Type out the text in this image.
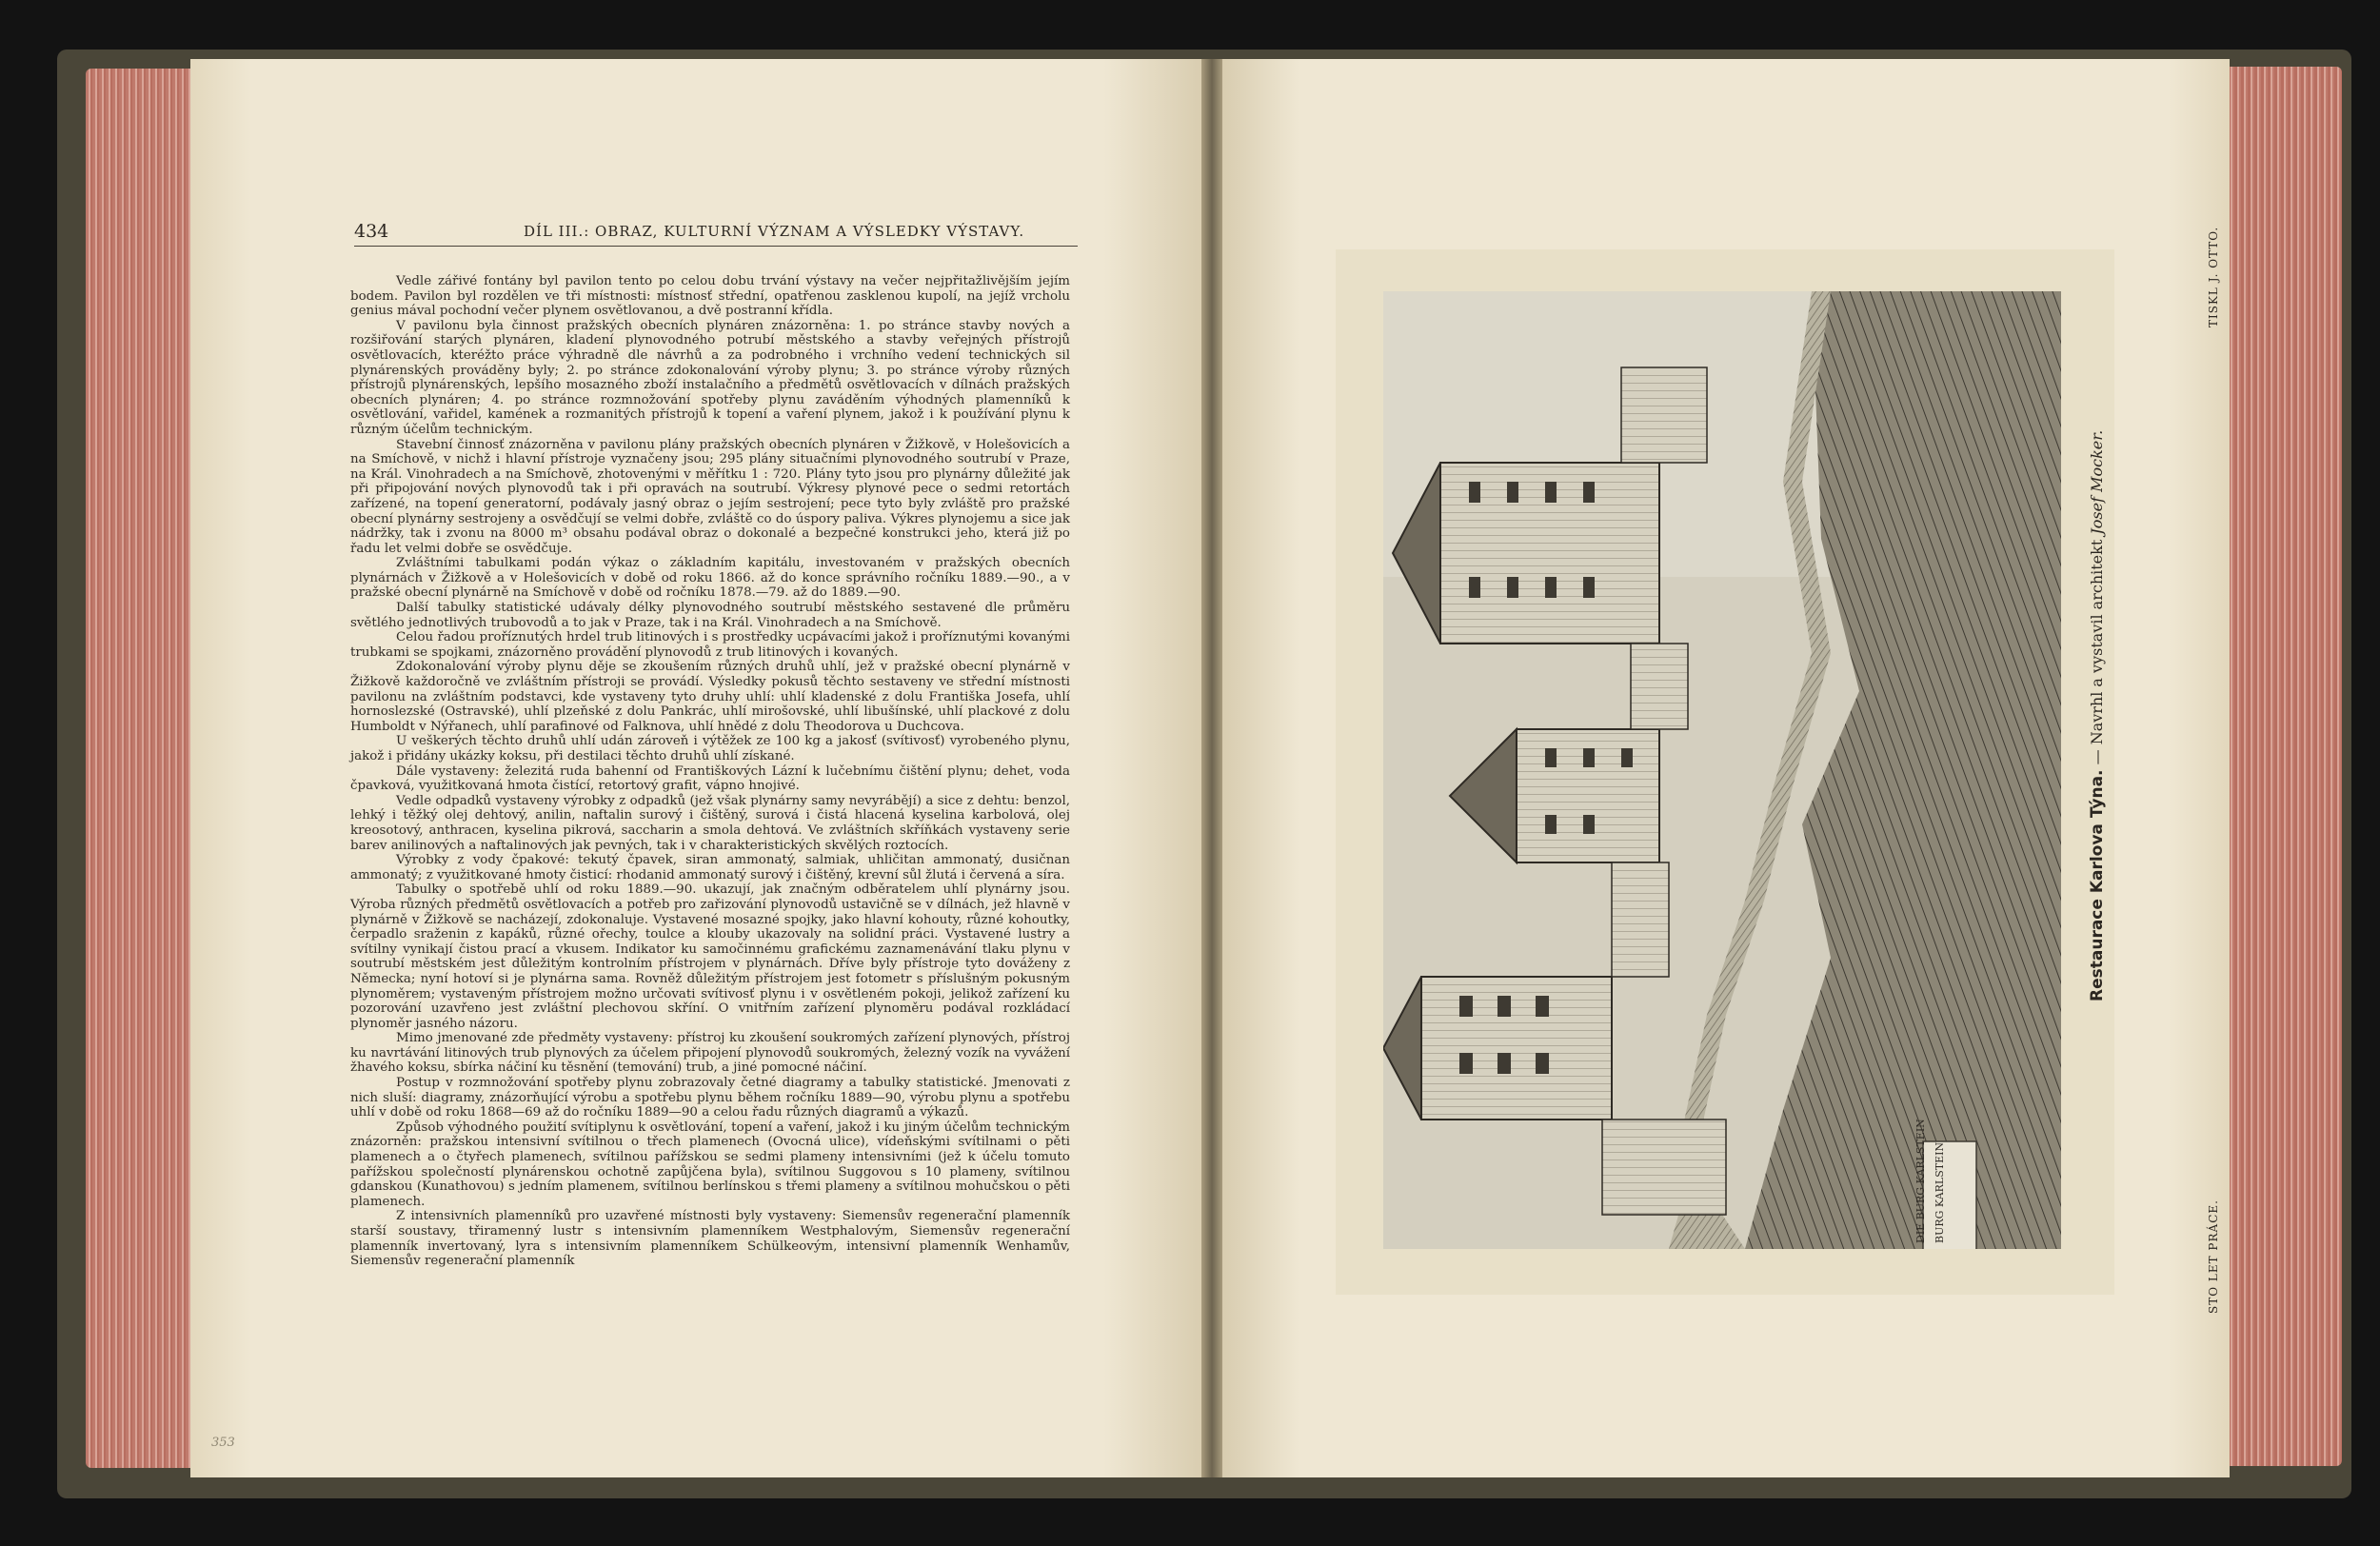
434	DÍL III.: OBRAZ, KULTURNÍ VÝZNAM A VÝSLEDKY VÝSTAVY.

Vedle zářivé fontány byl pavilon tento po celou dobu trvání výstavy na večer nejpřitažlivějším jejím bodem. Pavilon byl rozdělen ve tři místnosti: místnosť střední, opatřenou zasklenou kupolí, na jejíž vrcholu genius mával pochodní večer plynem osvětlovanou, a dvě postranní křídla.

V pavilonu byla činnost pražských obecních plynáren znázorněna: 1. po stránce stavby nových a rozšiřování starých plynáren, kladení plynovodného potrubí městského a stavby veřejných přístrojů osvětlovacích, kteréžto práce výhradně dle návrhů a za podrobného i vrchního vedení technických sil plynárenských prováděny byly; 2. po stránce zdokonalování výroby plynu; 3. po stránce výroby různých přístrojů plynárenských, lepšího mosazného zboží instalačního a předmětů osvětlovacích v dílnách pražských obecních plynáren; 4. po stránce rozmnožování spotřeby plynu zaváděním výhodných plamenníků k osvětlování, vařidel, kamének a rozmanitých přístrojů k topení a vaření plynem, jakož i k používání plynu k různým účelům technickým.

Stavební činnosť znázorněna v pavilonu plány pražských obecních plynáren v Žižkově, v Holešovicích a na Smíchově, v nichž i hlavní přístroje vyznačeny jsou; 295 plány situačními plynovodného soutrubí v Praze, na Král. Vinohradech a na Smíchově, zhotovenými v měřítku 1 : 720. Plány tyto jsou pro plynárny důležité jak při připojování nových plynovodů tak i při opravách na soutrubí. Výkresy plynové pece o sedmi retortách zařízené, na topení generatorní, podávaly jasný obraz o jejím sestrojení; pece tyto byly zvláště pro pražské obecní plynárny sestrojeny a osvědčují se velmi dobře, zvláště co do úspory paliva. Výkres plynojemu a sice jak nádržky, tak i zvonu na 8000 m³ obsahu podával obraz o dokonalé a bezpečné konstrukci jeho, která již po řadu let velmi dobře se osvědčuje.

Zvláštními tabulkami podán výkaz o základním kapitálu, investovaném v pražských obecních plynárnách v Žižkově a v Holešovicích v době od roku 1866. až do konce správního ročníku 1889.—90., a v pražské obecní plynárně na Smíchově v době od ročníku 1878.—79. až do 1889.—90.

Další tabulky statistické udávaly délky plynovodného soutrubí městského sestavené dle průměru světlého jednotlivých trubovodů a to jak v Praze, tak i na Král. Vinohradech a na Smíchově.

Celou řadou proříznutých hrdel trub litinových i s prostředky ucpávacími jakož i proříznutými kovanými trubkami se spojkami, znázorněno provádění plynovodů z trub litinových i kovaných.

Zdokonalování výroby plynu děje se zkoušením různých druhů uhlí, jež v pražské obecní plynárně v Žižkově každoročně ve zvláštním přístroji se provádí. Výsledky pokusů těchto sestaveny ve střední místnosti pavilonu na zvláštním podstavci, kde vystaveny tyto druhy uhlí: uhlí kladenské z dolu Františka Josefa, uhlí hornoslezské (Ostravské), uhlí plzeňské z dolu Pankrác, uhlí mirošovské, uhlí libušínské, uhlí plackové z dolu Humboldt v Nýřanech, uhlí parafinové od Falknova, uhlí hnědé z dolu Theodorova u Duchcova.

U veškerých těchto druhů uhlí udán zároveň i výtěžek ze 100 kg a jakosť (svítivosť) vyrobeného plynu, jakož i přidány ukázky koksu, při destilaci těchto druhů uhlí získané.

Dále vystaveny: železitá ruda bahenní od Františkových Lázní k lučebnímu čištění plynu; dehet, voda čpavková, využitkovaná hmota čistící, retortový grafit, vápno hnojivé.

Vedle odpadků vystaveny výrobky z odpadků (jež však plynárny samy nevyrábějí) a sice z dehtu: benzol, lehký i těžký olej dehtový, anilin, naftalin surový i čištěný, surová i čistá hlacená kyselina karbolová, olej kreosotový, anthracen, kyselina pikrová, saccharin a smola dehtová. Ve zvláštních skříňkách vystaveny serie barev anilinových a naftalinových jak pevných, tak i v charakteristických skvělých roztocích.

Výrobky z vody čpakové: tekutý čpavek, siran ammonatý, salmiak, uhličitan ammonatý, dusičnan ammonatý; z využitkované hmoty čisticí: rhodanid ammonatý surový i čištěný, krevní sůl žlutá i červená a síra.

Tabulky o spotřebě uhlí od roku 1889.—90. ukazují, jak značným odběratelem uhlí plynárny jsou. Výroba různých předmětů osvětlovacích a potřeb pro zařizování plynovodů ustavičně se v dílnách, jež hlavně v plynárně v Žižkově se nacházejí, zdokonaluje. Vystavené mosazné spojky, jako hlavní kohouty, různé kohoutky, čerpadlo sraženin z kapáků, různé ořechy, toulce a klouby ukazovaly na solidní práci. Vystavené lustry a svítilny vynikají čistou prací a vkusem. Indikator ku samočinnému grafickému zaznamenávání tlaku plynu v soutrubí městském jest důležitým kontrolním přístrojem v plynárnách. Dříve byly přístroje tyto dováženy z Německa; nyní hotoví si je plynárna sama. Rovněž důležitým přístrojem jest fotometr s příslušným pokusným plynoměrem; vystaveným přístrojem možno určovati svítivosť plynu i v osvětleném pokoji, jelikož zařízení ku pozorování uzavřeno jest zvláštní plechovou skříní. O vnitřním zařízení plynoměru podával rozkládací plynoměr jasného názoru.

Mimo jmenované zde předměty vystaveny: přístroj ku zkoušení soukromých zařízení plynových, přístroj ku navrtávání litinových trub plynových za účelem připojení plynovodů soukromých, železný vozík na vyvážení žhavého koksu, sbírka náčiní ku těsnění (temování) trub, a jiné pomocné náčiní.

Postup v rozmnožování spotřeby plynu zobrazovaly četné diagramy a tabulky statistické. Jmenovati z nich sluší: diagramy, znázorňující výrobu a spotřebu plynu během ročníku 1889—90, výrobu plynu a spotřebu uhlí v době od roku 1868—69 až do ročníku 1889—90 a celou řadu různých diagramů a výkazů.

Způsob výhodného použití svítiplynu k osvětlování, topení a vaření, jakož i ku jiným účelům technickým znázorněn: pražskou intensivní svítilnou o třech plamenech (Ovocná ulice), vídeňskými svítilnami o pěti plamenech a o čtyřech plamenech, svítilnou pařížskou se sedmi plameny intensivními (jež k účelu tomuto pařížskou společností plynárenskou ochotně zapůjčena byla), svítilnou Suggovou s 10 plameny, svítilnou gdanskou (Kunathovou) s jedním plamenem, svítilnou berlínskou s třemi plameny a svítilnou mohučskou o pěti plamenech.

Z intensivních plamenníků pro uzavřené místnosti byly vystaveny: Siemensův regenerační plamenník starší soustavy, třiramenný lustr s intensivním plamenníkem Westphalovým, Siemensův regenerační plamenník invertovaný, lyra s intensivním plamenníkem Schülkeovým, intensivní plamenník Wenhamův, Siemensův regenerační plamenník

353
DIE BURG KARLSTEIN BURG KARLSTEIN
Restaurace Karlova Týna. — Navrhl a vystavil architekt Josef Mocker.
TISKL J. OTTO.
STO LET PRÁCE.
